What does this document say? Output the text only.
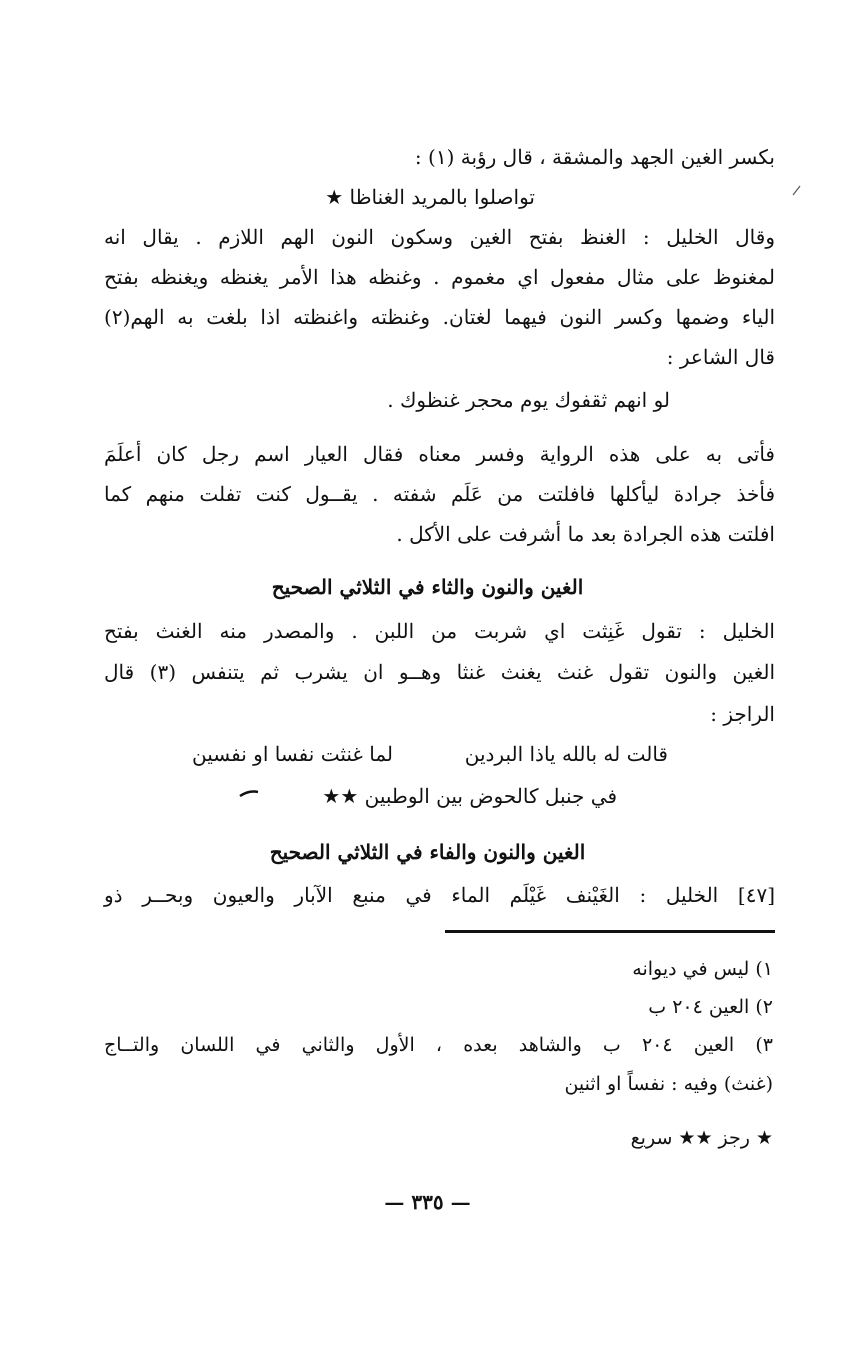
بكسر الغين الجهد والمشقة ، قال رؤبة (١) :
تواصلوا بالمريد الغناظا ★
وقال الخليل : الغنظ بفتح الغين وسكون النون الهم اللازم . يقال انه
لمغنوظ على مثال مفعول اي مغموم . وغنظه هذا الأمر يغنظه ويغنظه بفتح
الياء وضمها وكسر النون فيهما لغتان. وغنظته واغنظته اذا بلغت به الهم(٢)
قال الشاعر :
لو انهم ثقفوك يوم محجر غنظوك .
فأتى به على هذه الرواية وفسر معناه فقال العيار اسم رجل كان أعلَمَ
فأخذ جرادة ليأكلها فافلتت من عَلَم شفته . يقــول كنت تفلت منهم كما
افلتت هذه الجرادة بعد ما أشرفت على الأكل .
الغين والنون والثاء في الثلاثي الصحيح
الخليل : تقول غَنِثت اي شربت من اللبن . والمصدر منه الغنث بفتح
الغين والنون تقول غنث يغنث غنثا وهــو ان يشرب ثم يتنفس (٣) قال
الراجز :
قالت له بالله ياذا البردين
لما غنثت نفسا او نفسين
في جنبل كالحوض بين الوطبين ★★
الغين والنون والفاء في الثلاثي الصحيح
[٤٧] الخليل : الغَيْنف غَيْلَم الماء في منبع الآبار والعيون وبحــر ذو
١) ليس في ديوانه
٢) العين ٢٠٤ ب
٣) العين ٢٠٤ ب والشاهد بعده ، الأول والثاني في اللسان والتــاج
(غنث) وفيه : نفساً او اثنين
★ رجز ★★ سريع
— ٣٣٥ —
